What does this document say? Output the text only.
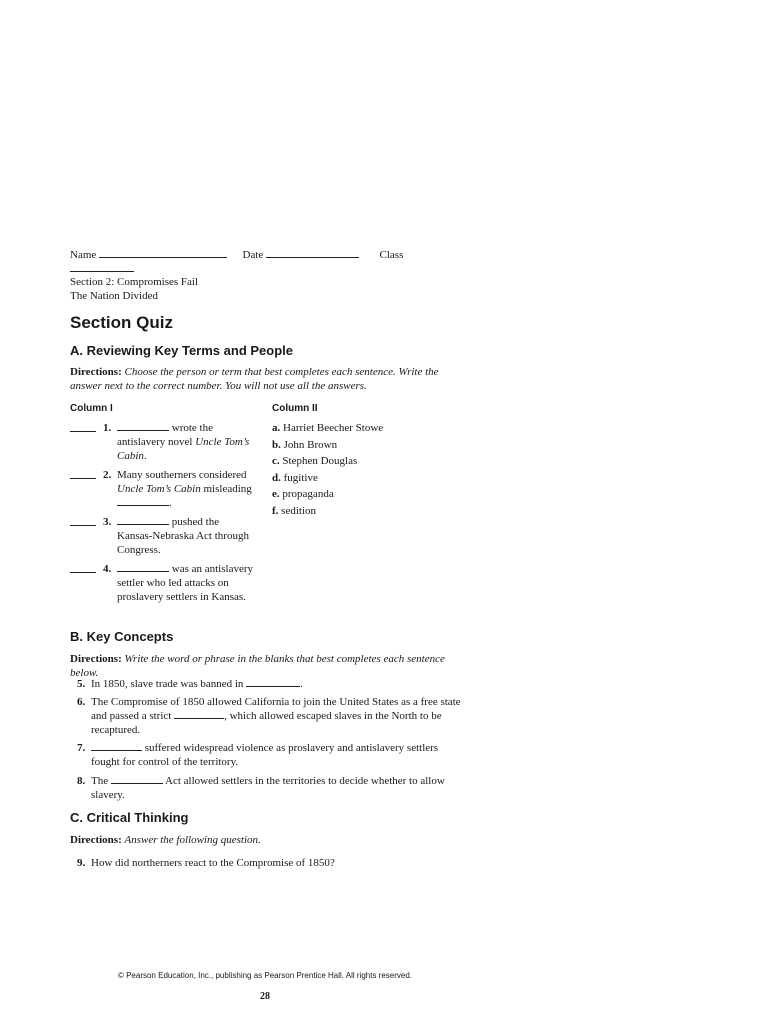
Name	Date	Class
Section 2: Compromises Fail
The Nation Divided
Section Quiz
A. Reviewing Key Terms and People
Directions: Choose the person or term that best completes each sentence. Write the answer next to the correct number. You will not use all the answers.
Column I	Column II
1.	wrote the
antislavery novel Uncle Tom’s
Cabin.
2. Many southerners considered
Uncle Tom’s Cabin misleading
.
3.	pushed the
Kansas-Nebraska Act through
Congress.
4.	was an antislavery
settler who led attacks on
proslavery settlers in Kansas.
a. Harriet Beecher Stowe
b. John Brown
c. Stephen Douglas
d. fugitive
e. propaganda
f. sedition
B. Key Concepts
Directions: Write the word or phrase in the blanks that best completes each sentence below.
5. In 1850, slave trade was banned in	.
6. The Compromise of 1850 allowed California to join the United States as a free state
and passed a strict	, which allowed escaped slaves in the North to be
recaptured.
7.	suffered widespread violence as proslavery and antislavery settlers
fought for control of the territory.
8. The	Act allowed settlers in the territories to decide whether to allow
slavery.
C. Critical Thinking
Directions: Answer the following question.
9. How did northerners react to the Compromise of 1850?
© Pearson Education, Inc., publishing as Pearson Prentice Hall. All rights reserved.
28
